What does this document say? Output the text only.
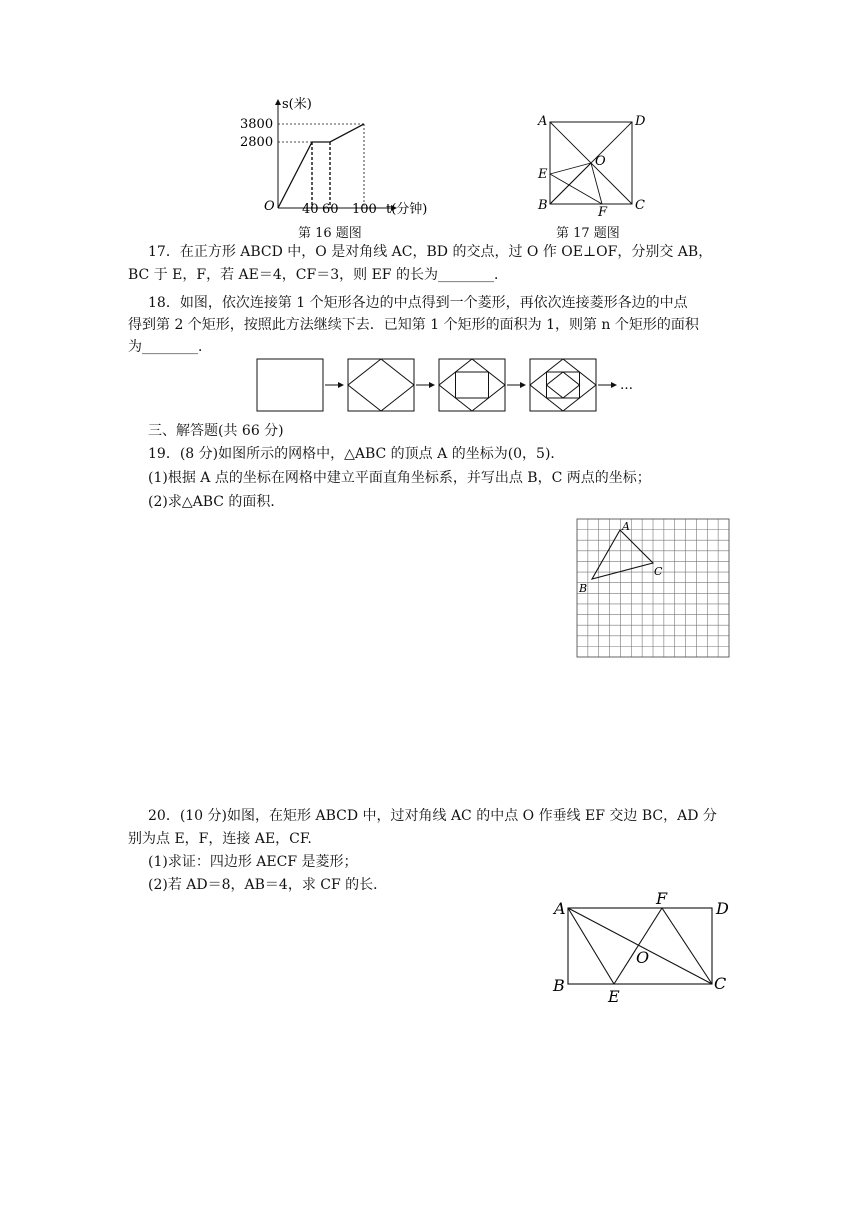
s(米)
3800
2800
O 40 60 100 t(分钟)
第 16 题图
A	D
O
E
B	F C
第 17 题图
17．在正方形 ABCD 中，O 是对角线 AC，BD 的交点，过 O 作 OE⊥OF，分别交 AB，
BC 于 E，F，若 AE＝4，CF＝3，则 EF 的长为________．
18．如图，依次连接第 1 个矩形各边的中点得到一个菱形，再依次连接菱形各边的中点
得到第 2 个矩形，按照此方法继续下去．已知第 1 个矩形的面积为 1，则第 n 个矩形的面积
为________．
…
三、解答题(共 66 分)
19．(8 分)如图所示的网格中，△ABC 的顶点 A 的坐标为(0，5)．
(1)根据 A 点的坐标在网格中建立平面直角坐标系，并写出点 B，C 两点的坐标；
(2)求△ABC 的面积．
A
B
C
20．(10 分)如图，在矩形 ABCD 中，过对角线 AC 的中点 O 作垂线 EF 交边 BC，AD 分
别为点 E，F，连接 AE，CF.
(1)求证：四边形 AECF 是菱形；
(2)若 AD＝8，AB＝4，求 CF 的长．
A
F
D
O
B
E
C
